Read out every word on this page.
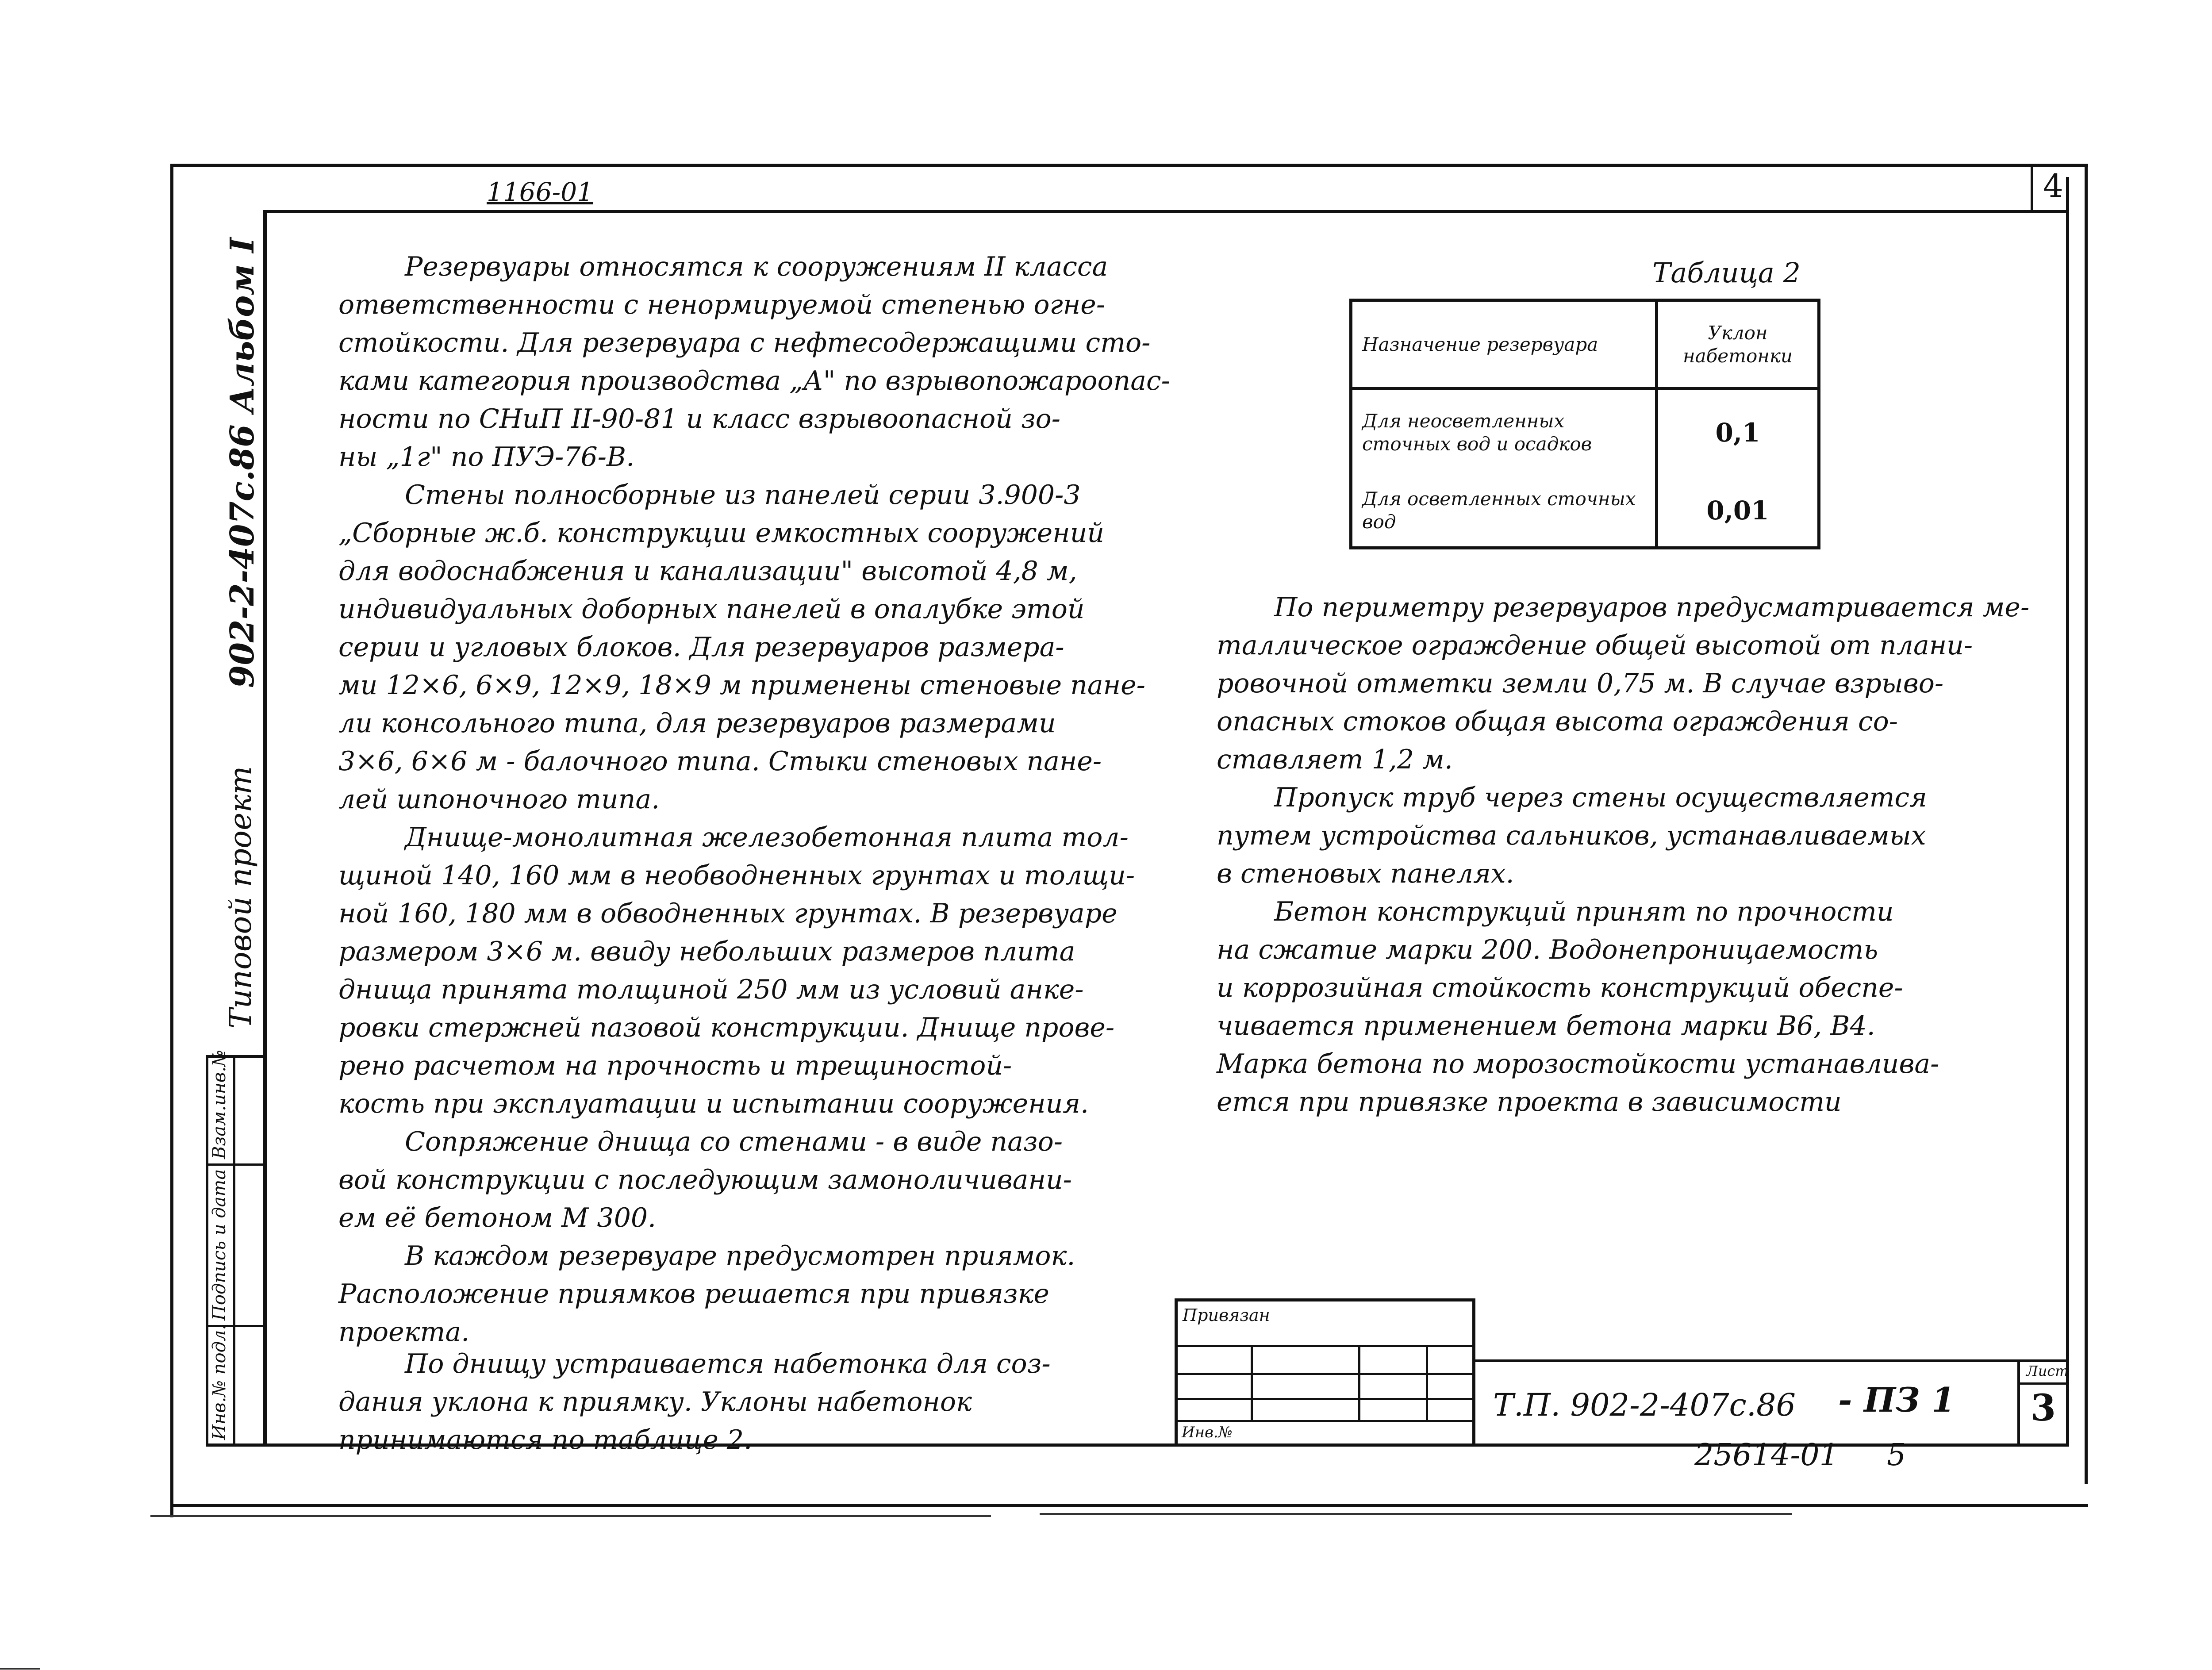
4
1166-01
Типовой проект
902-2-407с.86 Альбом I
Взам.инв.№
Подпись и дата
Инв.№ подл.
Резервуары относятся к сооружениям II класса
ответственности с ненормируемой степенью огне-
стойкости. Для резервуара с нефтесодержащими сто-
ками категория производства „А" по взрывопожароопас-
ности по СНиП II-90-81 и класс взрывоопасной зо-
ны „1г" по ПУЭ-76-В.
Стены полносборные из панелей серии 3.900-3
„Сборные ж.б. конструкции емкостных сооружений
для водоснабжения и канализации" высотой 4,8 м,
индивидуальных доборных панелей в опалубке этой
серии и угловых блоков. Для резервуаров размера-
ми 12×6, 6×9, 12×9, 18×9 м применены стеновые пане-
ли консольного типа, для резервуаров размерами
3×6, 6×6 м - балочного типа. Стыки стеновых пане-
лей шпоночного типа.
Днище-монолитная железобетонная плита тол-
щиной 140, 160 мм в необводненных грунтах и толщи-
ной 160, 180 мм в обводненных грунтах. В резервуаре
размером 3×6 м. ввиду небольших размеров плита
днища принята толщиной 250 мм из условий анке-
ровки стержней пазовой конструкции. Днище прове-
рено расчетом на прочность и трещиностой-
кость при эксплуатации и испытании сооружения.
Сопряжение днища со стенами - в виде пазо-
вой конструкции с последующим замоноличивани-
ем её бетоном М 300.
В каждом резервуаре предусмотрен приямок.
Расположение приямков решается при привязке
проекта.
По днищу устраивается набетонка для соз-
дания уклона к приямку. Уклоны набетонок
принимаются по таблице 2.
Таблица 2
Назначение резервуара	Уклон набетонки
Для неосветленных сточных вод и осадков	0,1
Для осветленных сточных вод	0,01
По периметру резервуаров предусматривается ме-
таллическое ограждение общей высотой от плани-
ровочной отметки земли 0,75 м. В случае взрыво-
опасных стоков общая высота ограждения со-
ставляет 1,2 м.
Пропуск труб через стены осуществляется
путем устройства сальников, устанавливаемых
в стеновых панелях.
Бетон конструкций принят по прочности
на сжатие марки 200. Водонепроницаемость
и коррозийная стойкость конструкций обеспе-
чивается применением бетона марки В6, В4.
Марка бетона по морозостойкости устанавлива-
ется при привязке проекта в зависимости
Привязан
Инв.№
Т.П. 902-2-407с.86 - ПЗ 1
Лист
3
25614-01 5
